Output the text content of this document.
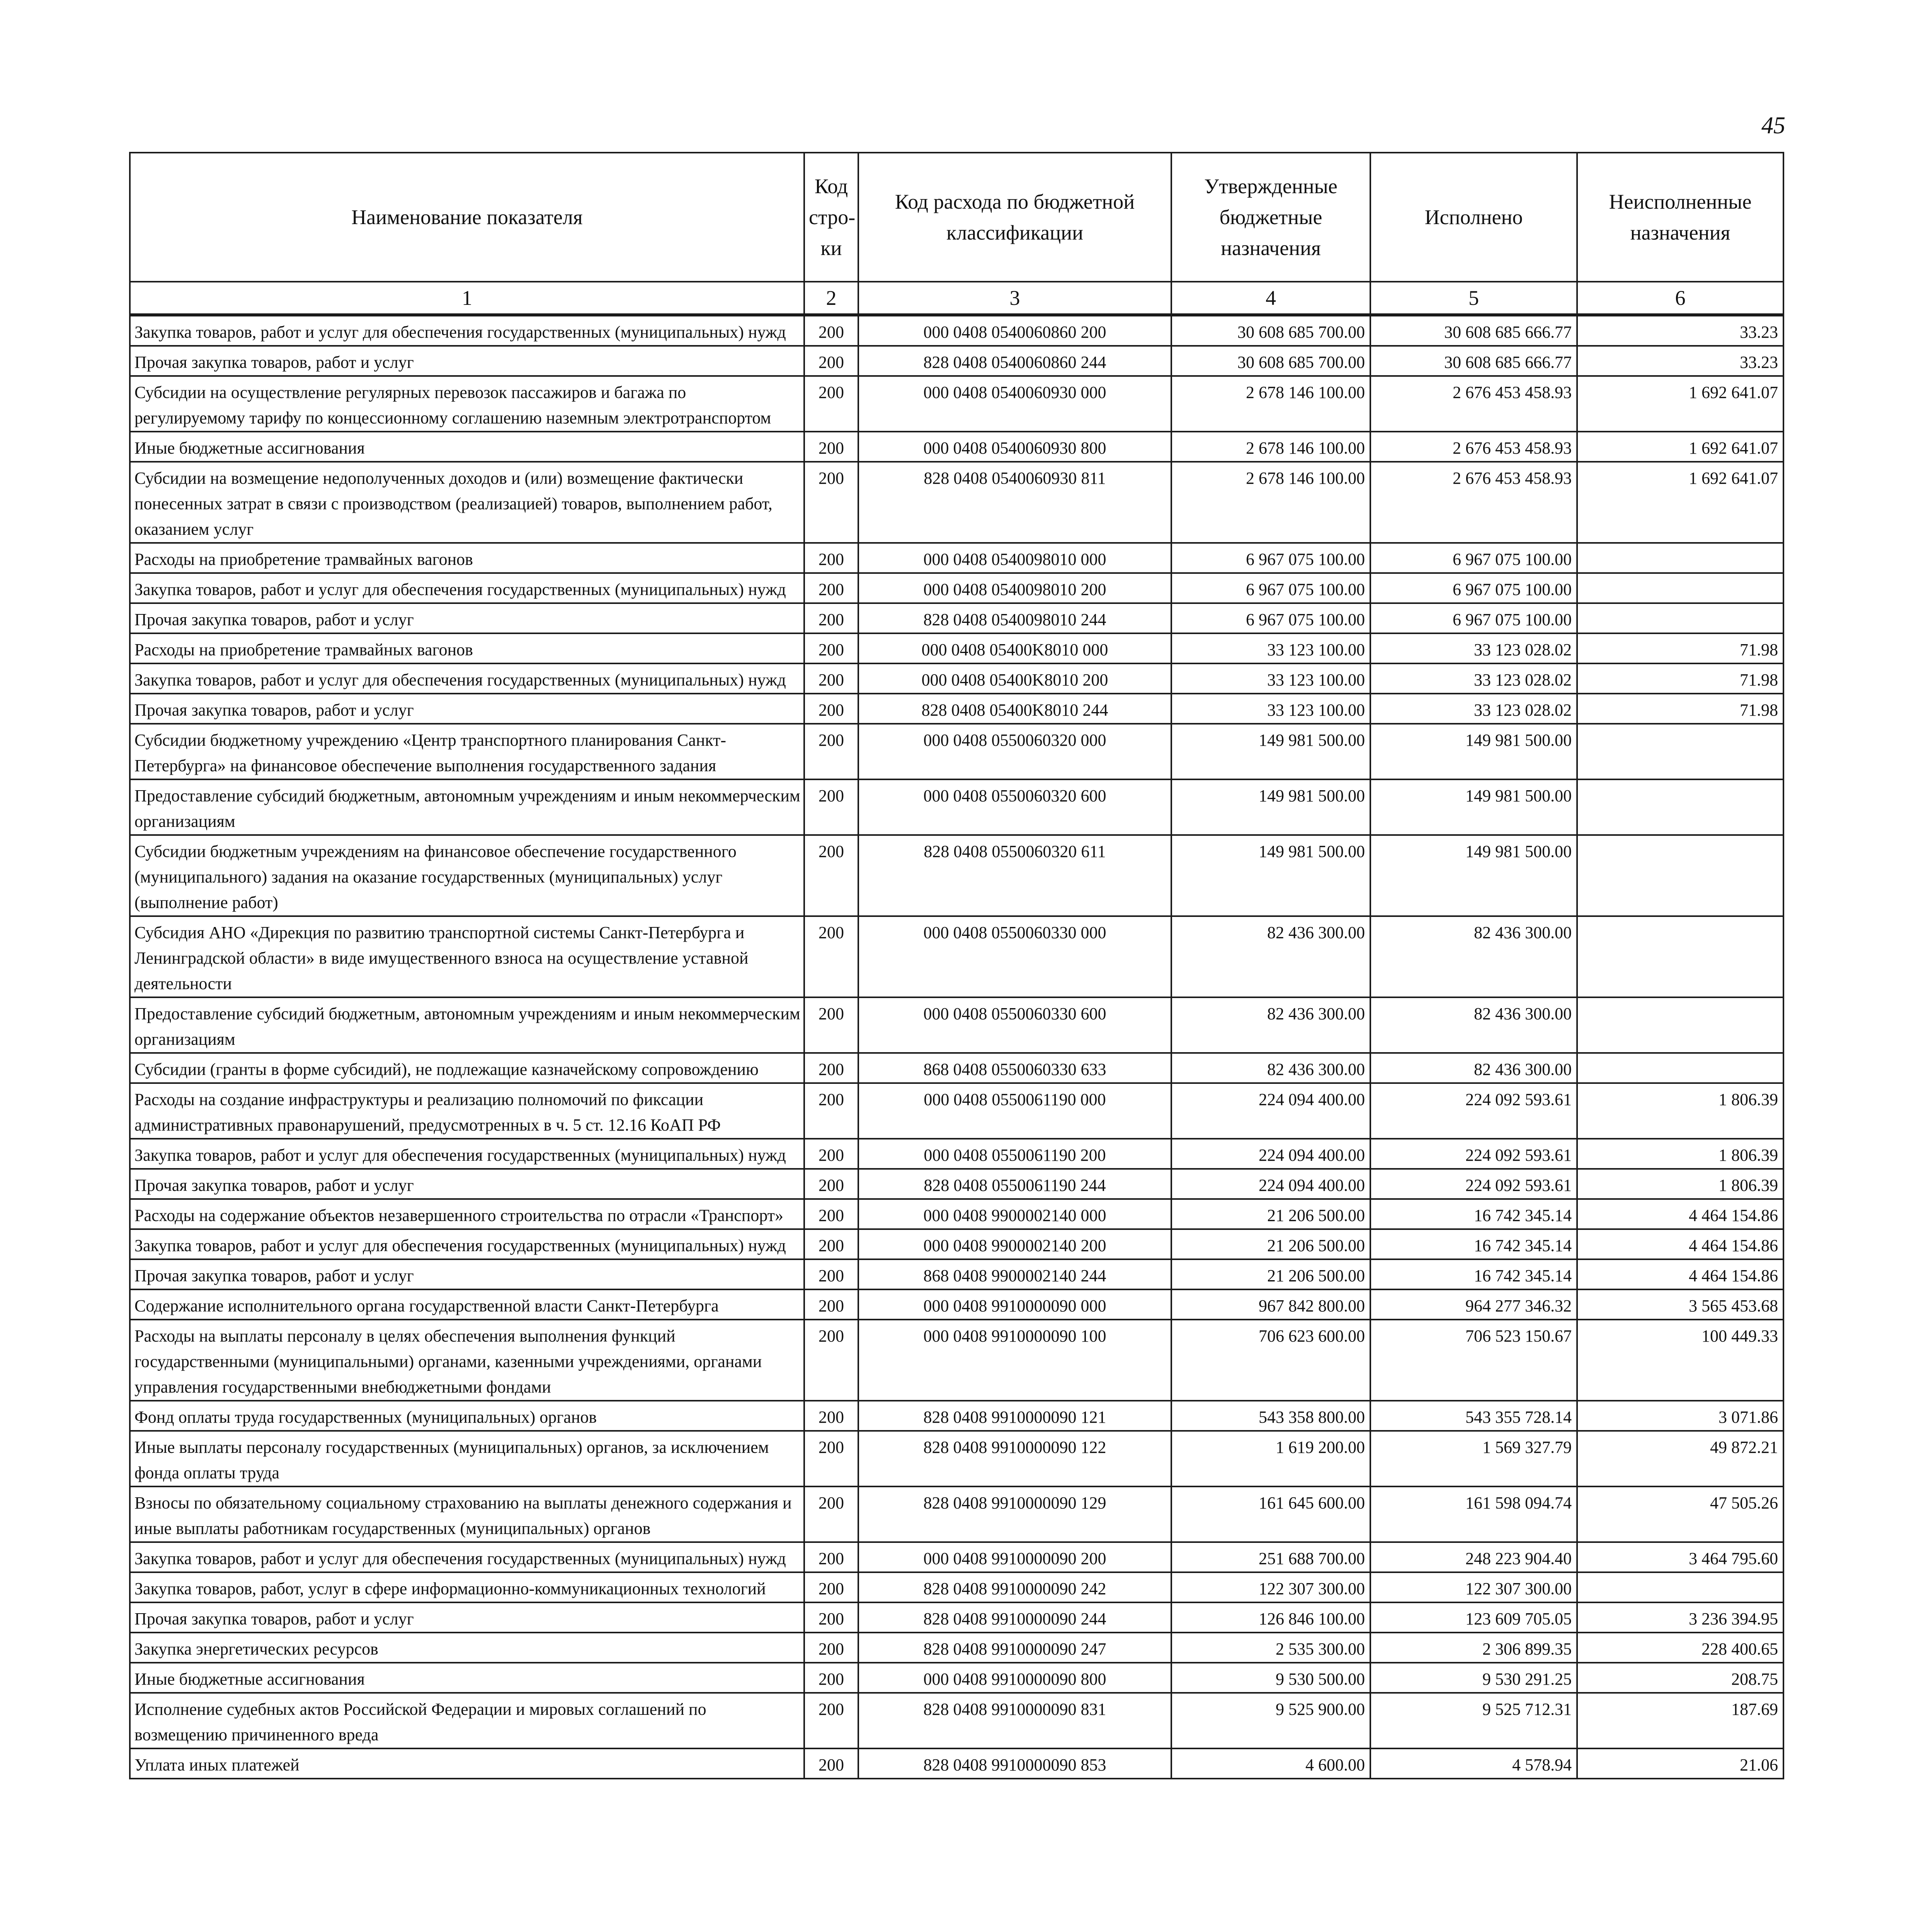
45
Наименование показателя	Код стро-ки	Код расхода по бюджетной классификации	Утвержденные бюджетные назначения	Исполнено	Неисполненные назначения
1	2	3	4	5	6
Закупка товаров, работ и услуг для обеспечения государственных (муниципальных) нужд	200	000 0408 0540060860 200	30 608 685 700.00	30 608 685 666.77	33.23
Прочая закупка товаров, работ и услуг	200	828 0408 0540060860 244	30 608 685 700.00	30 608 685 666.77	33.23
Субсидии на осуществление регулярных перевозок пассажиров и багажа по регулируемому тарифу по концессионному соглашению наземным электротранспортом	200	000 0408 0540060930 000	2 678 146 100.00	2 676 453 458.93	1 692 641.07
Иные бюджетные ассигнования	200	000 0408 0540060930 800	2 678 146 100.00	2 676 453 458.93	1 692 641.07
Субсидии на возмещение недополученных доходов и (или) возмещение фактически понесенных затрат в связи с производством (реализацией) товаров, выполнением работ, оказанием услуг	200	828 0408 0540060930 811	2 678 146 100.00	2 676 453 458.93	1 692 641.07
Расходы на приобретение трамвайных вагонов	200	000 0408 0540098010 000	6 967 075 100.00	6 967 075 100.00	
Закупка товаров, работ и услуг для обеспечения государственных (муниципальных) нужд	200	000 0408 0540098010 200	6 967 075 100.00	6 967 075 100.00	
Прочая закупка товаров, работ и услуг	200	828 0408 0540098010 244	6 967 075 100.00	6 967 075 100.00	
Расходы на приобретение трамвайных вагонов	200	000 0408 05400K8010 000	33 123 100.00	33 123 028.02	71.98
Закупка товаров, работ и услуг для обеспечения государственных (муниципальных) нужд	200	000 0408 05400K8010 200	33 123 100.00	33 123 028.02	71.98
Прочая закупка товаров, работ и услуг	200	828 0408 05400K8010 244	33 123 100.00	33 123 028.02	71.98
Субсидии бюджетному учреждению «Центр транспортного планирования Санкт-Петербурга» на финансовое обеспечение выполнения государственного задания	200	000 0408 0550060320 000	149 981 500.00	149 981 500.00	
Предоставление субсидий бюджетным, автономным учреждениям и иным некоммерческим организациям	200	000 0408 0550060320 600	149 981 500.00	149 981 500.00	
Субсидии бюджетным учреждениям на финансовое обеспечение государственного (муниципального) задания на оказание государственных (муниципальных) услуг (выполнение работ)	200	828 0408 0550060320 611	149 981 500.00	149 981 500.00	
Субсидия АНО «Дирекция по развитию транспортной системы Санкт-Петербурга и Ленинградской области» в виде имущественного взноса на осуществление уставной деятельности	200	000 0408 0550060330 000	82 436 300.00	82 436 300.00	
Предоставление субсидий бюджетным, автономным учреждениям и иным некоммерческим организациям	200	000 0408 0550060330 600	82 436 300.00	82 436 300.00	
Субсидии (гранты в форме субсидий), не подлежащие казначейскому сопровождению	200	868 0408 0550060330 633	82 436 300.00	82 436 300.00	
Расходы на создание инфраструктуры и реализацию полномочий по фиксации административных правонарушений, предусмотренных в ч. 5 ст. 12.16 КоАП РФ	200	000 0408 0550061190 000	224 094 400.00	224 092 593.61	1 806.39
Закупка товаров, работ и услуг для обеспечения государственных (муниципальных) нужд	200	000 0408 0550061190 200	224 094 400.00	224 092 593.61	1 806.39
Прочая закупка товаров, работ и услуг	200	828 0408 0550061190 244	224 094 400.00	224 092 593.61	1 806.39
Расходы на содержание объектов незавершенного строительства по отрасли «Транспорт»	200	000 0408 9900002140 000	21 206 500.00	16 742 345.14	4 464 154.86
Закупка товаров, работ и услуг для обеспечения государственных (муниципальных) нужд	200	000 0408 9900002140 200	21 206 500.00	16 742 345.14	4 464 154.86
Прочая закупка товаров, работ и услуг	200	868 0408 9900002140 244	21 206 500.00	16 742 345.14	4 464 154.86
Содержание исполнительного органа государственной власти Санкт-Петербурга	200	000 0408 9910000090 000	967 842 800.00	964 277 346.32	3 565 453.68
Расходы на выплаты персоналу в целях обеспечения выполнения функций государственными (муниципальными) органами, казенными учреждениями, органами управления государственными внебюджетными фондами	200	000 0408 9910000090 100	706 623 600.00	706 523 150.67	100 449.33
Фонд оплаты труда государственных (муниципальных) органов	200	828 0408 9910000090 121	543 358 800.00	543 355 728.14	3 071.86
Иные выплаты персоналу государственных (муниципальных) органов, за исключением фонда оплаты труда	200	828 0408 9910000090 122	1 619 200.00	1 569 327.79	49 872.21
Взносы по обязательному социальному страхованию на выплаты денежного содержания и иные выплаты работникам государственных (муниципальных) органов	200	828 0408 9910000090 129	161 645 600.00	161 598 094.74	47 505.26
Закупка товаров, работ и услуг для обеспечения государственных (муниципальных) нужд	200	000 0408 9910000090 200	251 688 700.00	248 223 904.40	3 464 795.60
Закупка товаров, работ, услуг в сфере информационно-коммуникационных технологий	200	828 0408 9910000090 242	122 307 300.00	122 307 300.00	
Прочая закупка товаров, работ и услуг	200	828 0408 9910000090 244	126 846 100.00	123 609 705.05	3 236 394.95
Закупка энергетических ресурсов	200	828 0408 9910000090 247	2 535 300.00	2 306 899.35	228 400.65
Иные бюджетные ассигнования	200	000 0408 9910000090 800	9 530 500.00	9 530 291.25	208.75
Исполнение судебных актов Российской Федерации и мировых соглашений по возмещению причиненного вреда	200	828 0408 9910000090 831	9 525 900.00	9 525 712.31	187.69
Уплата иных платежей	200	828 0408 9910000090 853	4 600.00	4 578.94	21.06
